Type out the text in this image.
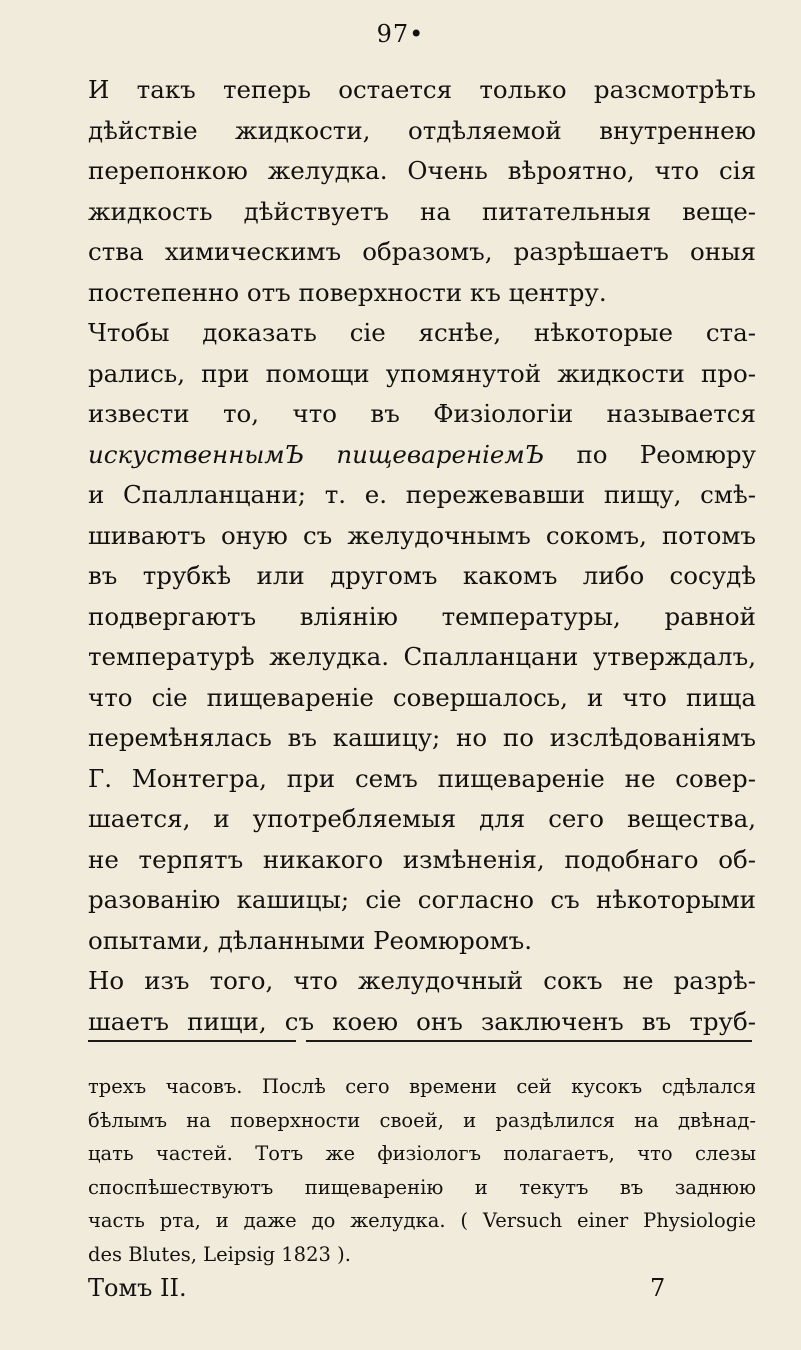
97•
И такъ теперь остается только разсмотрѣть
дѣйствіе жидкости, отдѣляемой внутреннею
перепонкою желудка. Очень вѣроятно, что сія
жидкость дѣйствуетъ на питательныя веще-
ства химическимъ образомъ, разрѣшаетъ оныя
постепенно отъ поверхности къ центру.
Чтобы доказать сіе яснѣе, нѣкоторые ста-
рались, при помощи упомянутой жидкости про-
извести то, что въ Физіологіи называется
искуственнымЪ пищевареніемЪ по Реомюру
и Спалланцани; т. е. пережевавши пищу, смѣ-
шиваютъ оную съ желудочнымъ сокомъ, потомъ
въ трубкѣ или другомъ какомъ либо сосудѣ
подвергаютъ вліянію температуры, равной
температурѣ желудка. Спалланцани утверждалъ,
что сіе пищевареніе совершалось, и что пища
перемѣнялась въ кашицу; но по изслѣдованіямъ
Г. Монтегра, при семъ пищевареніе не совер-
шается, и употребляемыя для сего вещества,
не терпятъ никакого измѣненія, подобнаго об-
разованію кашицы; сіе согласно съ нѣкоторыми
опытами, дѣланными Реомюромъ.
Но изъ того, что желудочный сокъ не разрѣ-
шаетъ пищи, съ коею онъ заключенъ въ труб-
трехъ часовъ. Послѣ сего времени сей кусокъ сдѣлался
бѣлымъ на поверхности своей, и раздѣлился на двѣнад-
цать частей. Тотъ же физіологъ полагаетъ, что слезы
споспѣшествуютъ пищеваренію и текутъ въ заднюю
часть рта, и даже до желудка. ( Versuch einer Physiologie
des Blutes, Leipsig 1823 ).
Томъ II.	7
